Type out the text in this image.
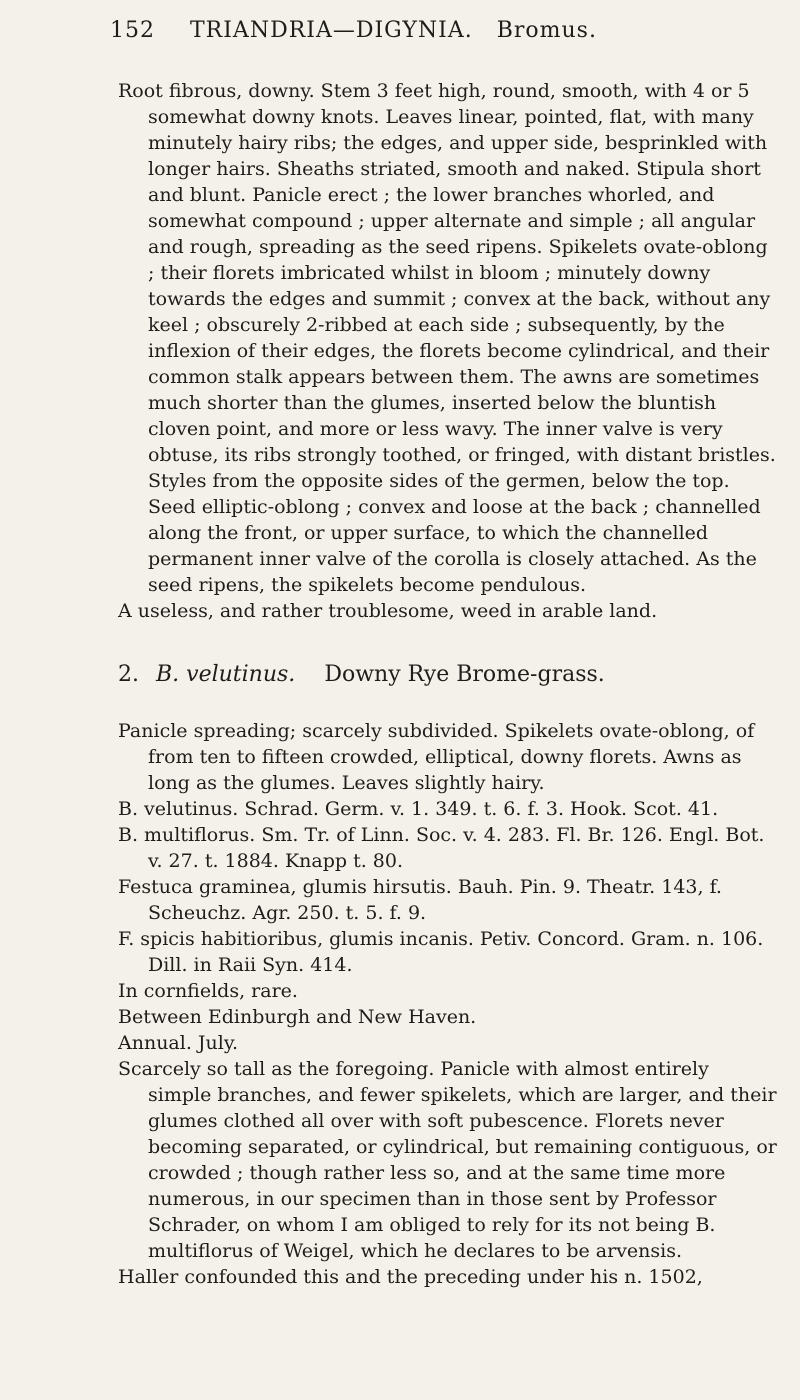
152	TRIANDRIA—DIGYNIA. Bromus.

Root fibrous, downy. Stem 3 feet high, round, smooth, with 4 or 5 somewhat downy knots. Leaves linear, pointed, flat, with many minutely hairy ribs; the edges, and upper side, besprinkled with longer hairs. Sheaths striated, smooth and naked. Stipula short and blunt. Panicle erect ; the lower branches whorled, and somewhat compound ; upper alternate and simple ; all angular and rough, spreading as the seed ripens. Spikelets ovate-oblong ; their florets imbricated whilst in bloom ; minutely downy towards the edges and summit ; convex at the back, without any keel ; obscurely 2-ribbed at each side ; subsequently, by the inflexion of their edges, the florets become cylindrical, and their common stalk appears between them. The awns are sometimes much shorter than the glumes, inserted below the bluntish cloven point, and more or less wavy. The inner valve is very obtuse, its ribs strongly toothed, or fringed, with distant bristles. Styles from the opposite sides of the germen, below the top. Seed elliptic-oblong ; convex and loose at the back ; channelled along the front, or upper surface, to which the channelled permanent inner valve of the corolla is closely attached. As the seed ripens, the spikelets become pendulous.

A useless, and rather troublesome, weed in arable land.

2. B. velutinus. Downy Rye Brome-grass.

Panicle spreading; scarcely subdivided. Spikelets ovate-oblong, of from ten to fifteen crowded, elliptical, downy florets. Awns as long as the glumes. Leaves slightly hairy.

B. velutinus. Schrad. Germ. v. 1. 349. t. 6. f. 3. Hook. Scot. 41.

B. multiflorus. Sm. Tr. of Linn. Soc. v. 4. 283. Fl. Br. 126. Engl. Bot. v. 27. t. 1884. Knapp t. 80.

Festuca graminea, glumis hirsutis. Bauh. Pin. 9. Theatr. 143, f. Scheuchz. Agr. 250. t. 5. f. 9.

F. spicis habitioribus, glumis incanis. Petiv. Concord. Gram. n. 106. Dill. in Raii Syn. 414.

In cornfields, rare.

Between Edinburgh and New Haven.

Annual. July.

Scarcely so tall as the foregoing. Panicle with almost entirely simple branches, and fewer spikelets, which are larger, and their glumes clothed all over with soft pubescence. Florets never becoming separated, or cylindrical, but remaining contiguous, or crowded ; though rather less so, and at the same time more numerous, in our specimen than in those sent by Professor Schrader, on whom I am obliged to rely for its not being B. multiflorus of Weigel, which he declares to be arvensis.

Haller confounded this and the preceding under his n. 1502,
